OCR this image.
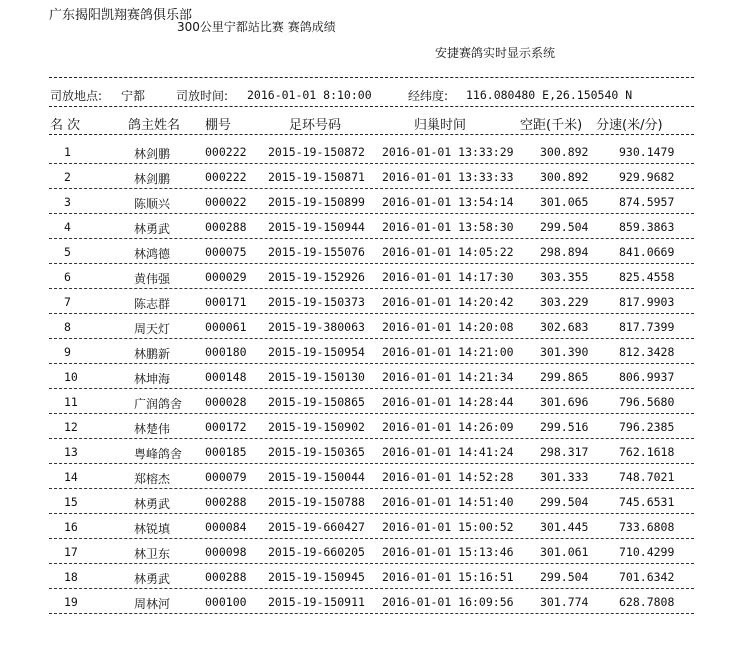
广东揭阳凯翔赛鸽俱乐部
300公里宁都站比赛 赛鸽成绩
安捷赛鸽实时显示系统
司放地点: 宁都	司放时间: 2016-01-01 8:10:00	经纬度: 116.080480 E,26.150540 N
名 次	鸽主姓名 棚号	足环号码	归巢时间	空距(千米) 分速(米/分)
1	林剑鹏	000222 2015-19-150872 2016-01-01 13:33:29 300.892	930.1479
2	林剑鹏	000222 2015-19-150871 2016-01-01 13:33:33 300.892	929.9682
3	陈顺兴	000022 2015-19-150899 2016-01-01 13:54:14 301.065	874.5957
4	林勇武	000288 2015-19-150944 2016-01-01 13:58:30 299.504	859.3863
5	林鸿德	000075 2015-19-155076 2016-01-01 14:05:22 298.894	841.0669
6	黄伟强	000029 2015-19-152926 2016-01-01 14:17:30 303.355	825.4558
7	陈志群	000171 2015-19-150373 2016-01-01 14:20:42 303.229	817.9903
8	周天灯	000061 2015-19-380063 2016-01-01 14:20:08 302.683	817.7399
9	林鹏新	000180 2015-19-150954 2016-01-01 14:21:00 301.390	812.3428
10	林坤海	000148 2015-19-150130 2016-01-01 14:21:34 299.865	806.9937
11	广润鸽舍 000028 2015-19-150865 2016-01-01 14:28:44 301.696	796.5680
12	林楚伟	000172 2015-19-150902 2016-01-01 14:26:09 299.516	796.2385
13	粤峰鸽舍 000185 2015-19-150365 2016-01-01 14:41:24 298.317	762.1618
14	郑榕杰	000079 2015-19-150044 2016-01-01 14:52:28 301.333	748.7021
15	林勇武	000288 2015-19-150788 2016-01-01 14:51:40 299.504	745.6531
16	林锐填	000084 2015-19-660427 2016-01-01 15:00:52 301.445	733.6808
17	林卫东	000098 2015-19-660205 2016-01-01 15:13:46 301.061	710.4299
18	林勇武	000288 2015-19-150945 2016-01-01 15:16:51 299.504	701.6342
19	周林河	000100 2015-19-150911 2016-01-01 16:09:56 301.774	628.7808
